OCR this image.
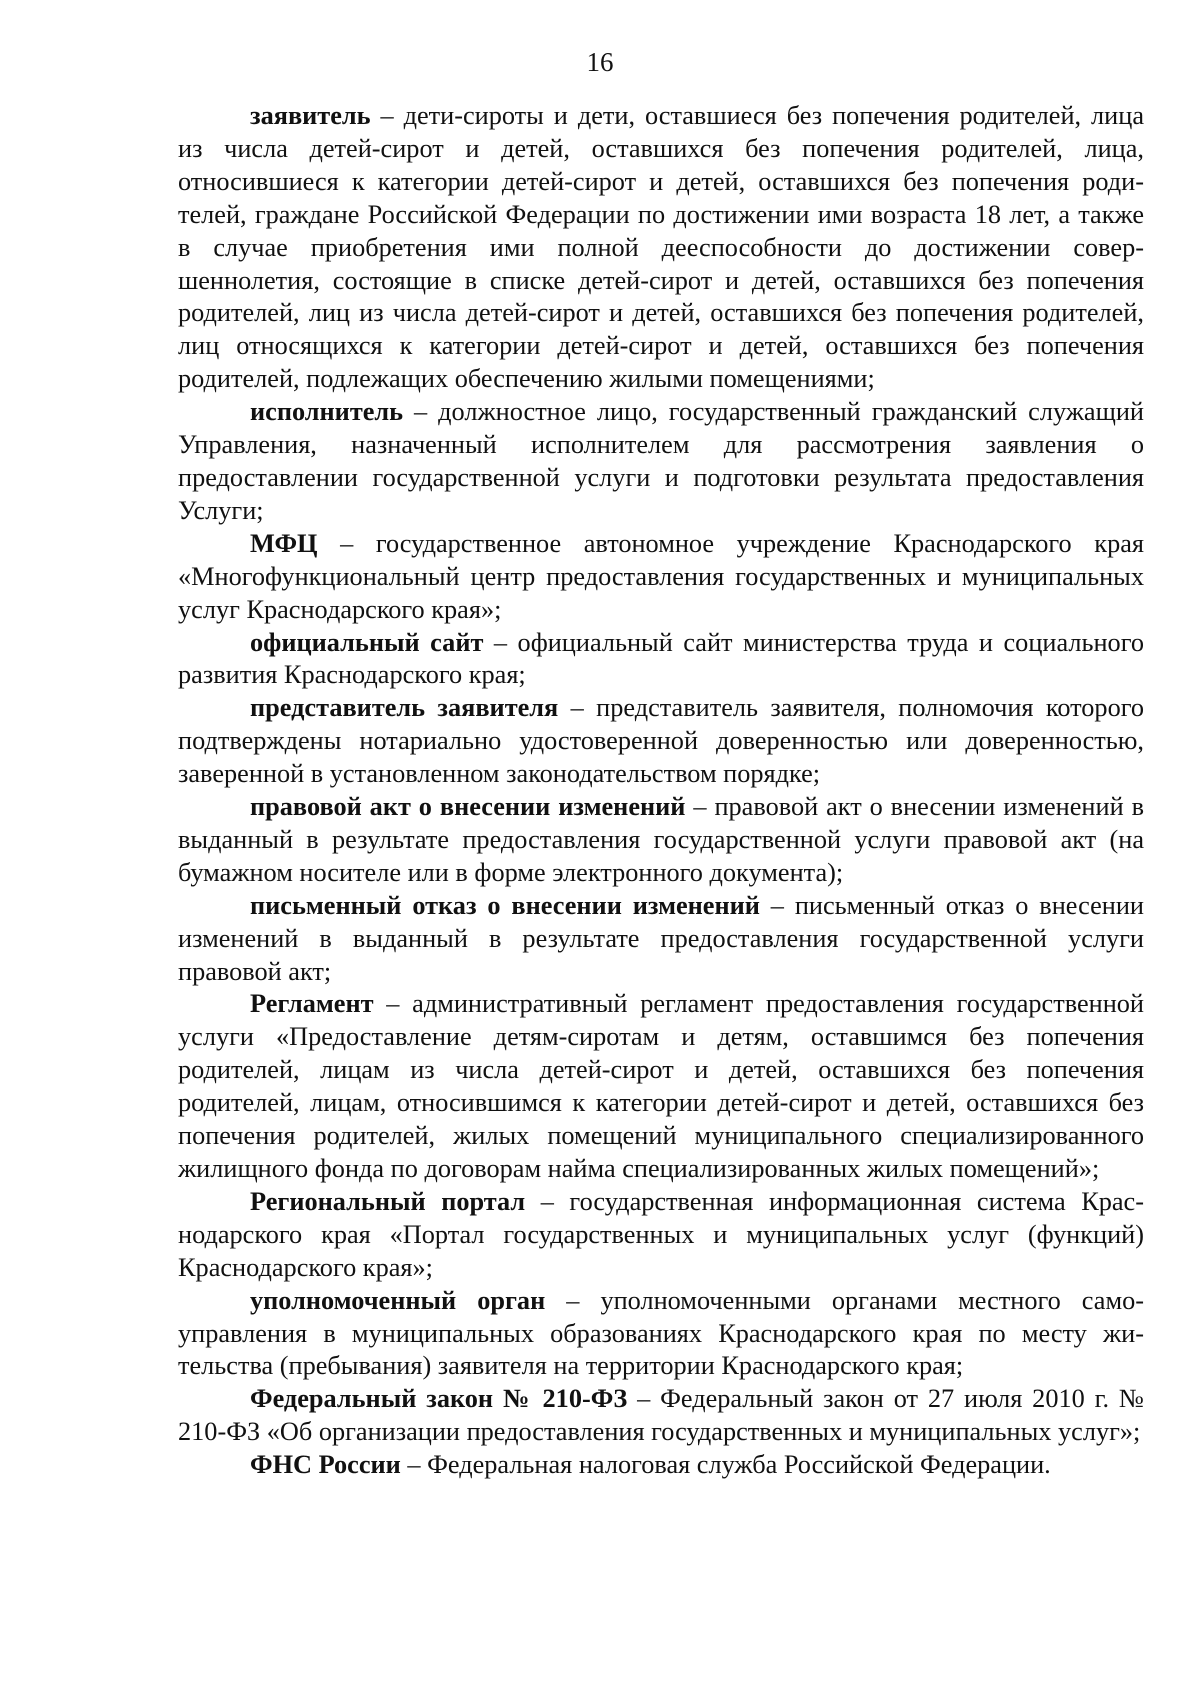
16

заявитель – дети-сироты и дети, оставшиеся без попечения родителей, лица из числа детей-сирот и детей, оставшихся без попечения родителей, лица, относившиеся к категории детей-сирот и детей, оставшихся без попечения родителей, граждане Российской Федерации по достижении ими возраста 18 лет, а также в случае приобретения ими полной дееспособности до достижении совершеннолетия, состоящие в списке детей-сирот и детей, оставшихся без попечения родителей, лиц из числа детей-сирот и детей, оставшихся без попечения родителей, лиц относящихся к категории детей-сирот и детей, оставшихся без попечения родителей, подлежащих обеспечению жилыми помещениями;

исполнитель – должностное лицо, государственный гражданский служащий Управления, назначенный исполнителем для рассмотрения заявления о предоставлении государственной услуги и подготовки результата предоставления Услуги;

МФЦ – государственное автономное учреждение Краснодарского края «Многофункциональный центр предоставления государственных и муниципальных услуг Краснодарского края»;

официальный сайт – официальный сайт министерства труда и социального развития Краснодарского края;

представитель заявителя – представитель заявителя, полномочия которого подтверждены нотариально удостоверенной доверенностью или доверенностью, заверенной в установленном законодательством порядке;

правовой акт о внесении изменений – правовой акт о внесении изменений в выданный в результате предоставления государственной услуги правовой акт (на бумажном носителе или в форме электронного документа);

письменный отказ о внесении изменений – письменный отказ о внесении изменений в выданный в результате предоставления государственной услуги правовой акт;

Регламент – административный регламент предоставления государственной услуги «Предоставление детям-сиротам и детям, оставшимся без попечения родителей, лицам из числа детей-сирот и детей, оставшихся без попечения родителей, лицам, относившимся к категории детей-сирот и детей, оставшихся без попечения родителей, жилых помещений муниципального специализированного жилищного фонда по договорам найма специализированных жилых помещений»;

Региональный портал – государственная информационная система Краснодарского края «Портал государственных и муниципальных услуг (функций) Краснодарского края»;

уполномоченный орган – уполномоченными органами местного самоуправления в муниципальных образованиях Краснодарского края по месту жительства (пребывания) заявителя на территории Краснодарского края;

Федеральный закон № 210-ФЗ – Федеральный закон от 27 июля 2010 г. № 210-ФЗ «Об организации предоставления государственных и муниципальных услуг»;

ФНС России – Федеральная налоговая служба Российской Федерации.
